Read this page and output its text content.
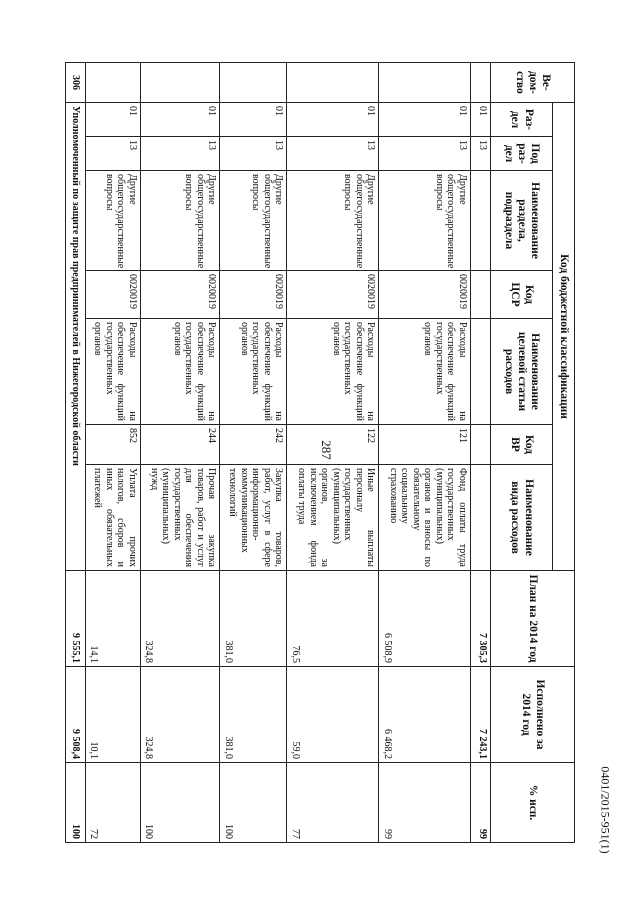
287
0401/2015-951(1)
Ве-дом-ство	Код бюджетной классификации							План на 2014 год	Исполнено за 2014 год	% исп.
	Раз-дел	Под раз-дел	Наименование раздела, подраздела	Код ЦСР	Наименование целевой статьи расходов	Код ВР	Наименование вида расходов			
	01	13						7 305,3	7 243,1	99
	01	13	Другие общегосударственные вопросы	0020019	Расходы на обеспечение функций государственных органов	121	Фонд оплаты труда государственных (муниципальных) органов и взносы по обязательному социальному страхованию	6 508,9	6 468,2	99
	01	13	Другие общегосударственные вопросы	0020019	Расходы на обеспечение функций государственных органов	122	Иные выплаты персоналу государственных (муниципальных) органов, за исключением фонда оплаты труда	76,5	59,0	77
	01	13	Другие общегосударственные вопросы	0020019	Расходы на обеспечение функций государственных органов	242	Закупка товаров, работ, услуг в сфере информационно-коммуникационных технологий	381,0	381,0	100
	01	13	Другие общегосударственные вопросы	0020019	Расходы на обеспечение функций государственных органов	244	Прочая закупка товаров, работ и услуг для обеспечения государственных (муниципальных) нужд	324,8	324,8	100
	01	13	Другие общегосударственные вопросы	0020019	Расходы на обеспечение функций государственных органов	852	Уплата прочих налогов, сборов и иных обязательных платежей	14,1	10,1	72
306	Уполномоченный по защите прав предпринимателей в Нижегородской области							9 555,1	9 508,4	100
